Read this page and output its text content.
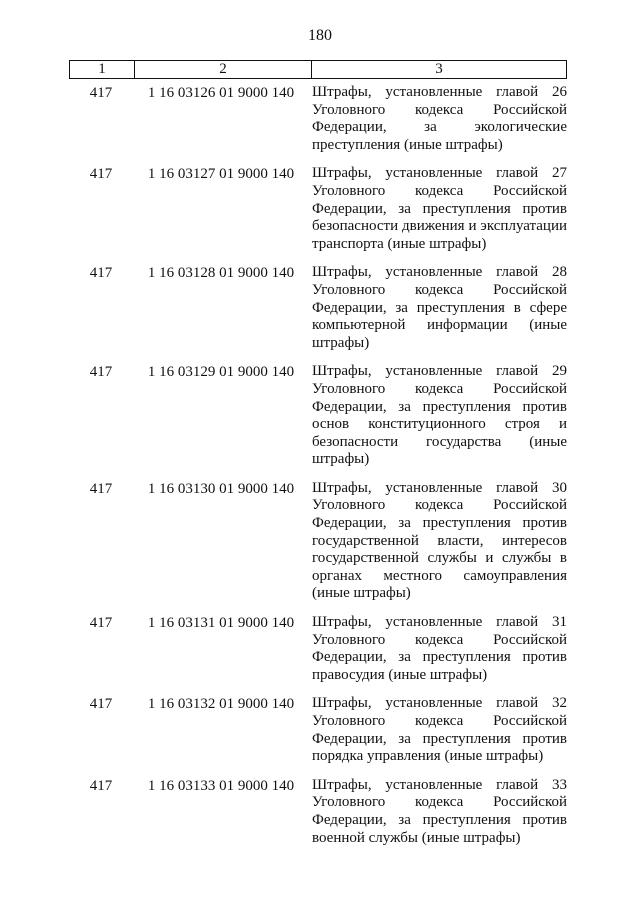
180
1	2	3
417	1 16 03126 01 9000 140	Штрафы, установленные главой 26 Уголовного кодекса Российской Федерации, за экологические преступления (иные штрафы)
417	1 16 03127 01 9000 140	Штрафы, установленные главой 27 Уголовного кодекса Российской Федерации, за преступления против безопасности движения и эксплуатации транспорта (иные штрафы)
417	1 16 03128 01 9000 140	Штрафы, установленные главой 28 Уголовного кодекса Российской Федерации, за преступления в сфере компьютерной информации (иные штрафы)
417	1 16 03129 01 9000 140	Штрафы, установленные главой 29 Уголовного кодекса Российской Федерации, за преступления против основ конституционного строя и безопасности государства (иные штрафы)
417	1 16 03130 01 9000 140	Штрафы, установленные главой 30 Уголовного кодекса Российской Федерации, за преступления против государственной власти, интересов государственной службы и службы в органах местного самоуправления (иные штрафы)
417	1 16 03131 01 9000 140	Штрафы, установленные главой 31 Уголовного кодекса Российской Федерации, за преступления против правосудия (иные штрафы)
417	1 16 03132 01 9000 140	Штрафы, установленные главой 32 Уголовного кодекса Российской Федерации, за преступления против порядка управления (иные штрафы)
417	1 16 03133 01 9000 140	Штрафы, установленные главой 33 Уголовного кодекса Российской Федерации, за преступления против военной службы (иные штрафы)
